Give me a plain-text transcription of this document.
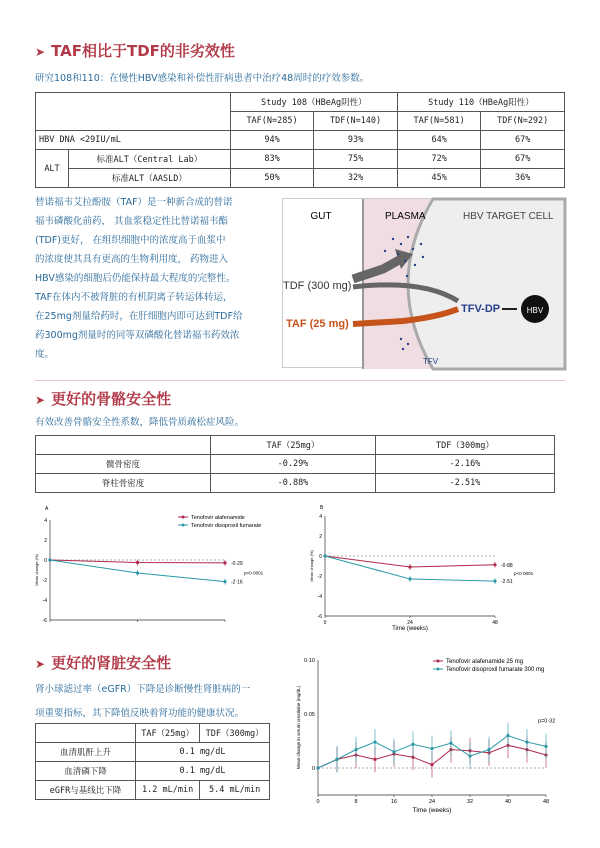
➤ TAF相比于TDF的非劣效性
研究108和110：在慢性HBV感染和补偿性肝病患者中治疗48周时的疗效参数。
		Study 108（HBeAg阴性）		Study 110（HBeAg阳性）	
		TAF(N=285)	TDF(N=140)	TAF(N=581)	TDF(N=292)
HBV DNA <29IU/mL		94%	93%	64%	67%
ALT	标准ALT（Central Lab）	83%	75%	72%	67%
	标准ALT（AASLD）	50%	32%	45%	36%
替诺福韦艾拉酚胺（TAF）是一种新合成的替诺
福韦磷酸化前药， 其血浆稳定性比替诺福韦酯
(TDF)更好， 在组织细胞中的浓度高于血浆中
的浓度使其具有更高的生物利用度， 药物进入
HBV感染的细胞后仍能保持最大程度的完整性。
TAF在体内不被肾脏的有机阴离子转运体转运，
在25mg剂量给药时，在肝细胞内即可达到TDF给
药300mg剂量时的同等双磷酸化替诺福韦药效浓
度。
GUT	PLASMA	HBV TARGET CELL
TDF (300 mg)
TAF (25 mg)
TFV-DP	HBV
TFV
➤ 更好的骨骼安全性
有效改善骨骼安全性系数，降低骨质疏松症风险。
	TAF（25mg）	TDF（300mg）
髋骨密度	-0.29%	-2.16%
脊柱骨密度	-0.88%	-2.51%
4
2
0
-2
-4
-6
Mean change (%)
Tenofovir alafenamide
Tenofovir disoproxil fumarate
-0·29
-2·16
p<0·0001
A
4
2
0
-2
-4
-6
0	24	48
Time (weeks)
Mean change (%)	-0·88
-2·51
p<0·0001
B
➤ 更好的肾脏安全性
肾小球滤过率（eGFR）下降是诊断慢性肾脏病的一
项重要指标，其下降值反映着肾功能的健康状况。
	TAF（25mg）	TDF（300mg）
血清肌酐上升	0.1 mg/dL	
血清磷下降	0.1 mg/dL	
eGFR与基线比下降	1.2 mL/min	5.4 mL/min
0·10
0·05
0
0	8	16	24	32	40	48
Time (weeks)
Mean change in serum creatinine (mg/dL)
Tenofovir alafenamide 25 mg
Tenofovir disoproxil fumarate 300 mg
p=0·32
